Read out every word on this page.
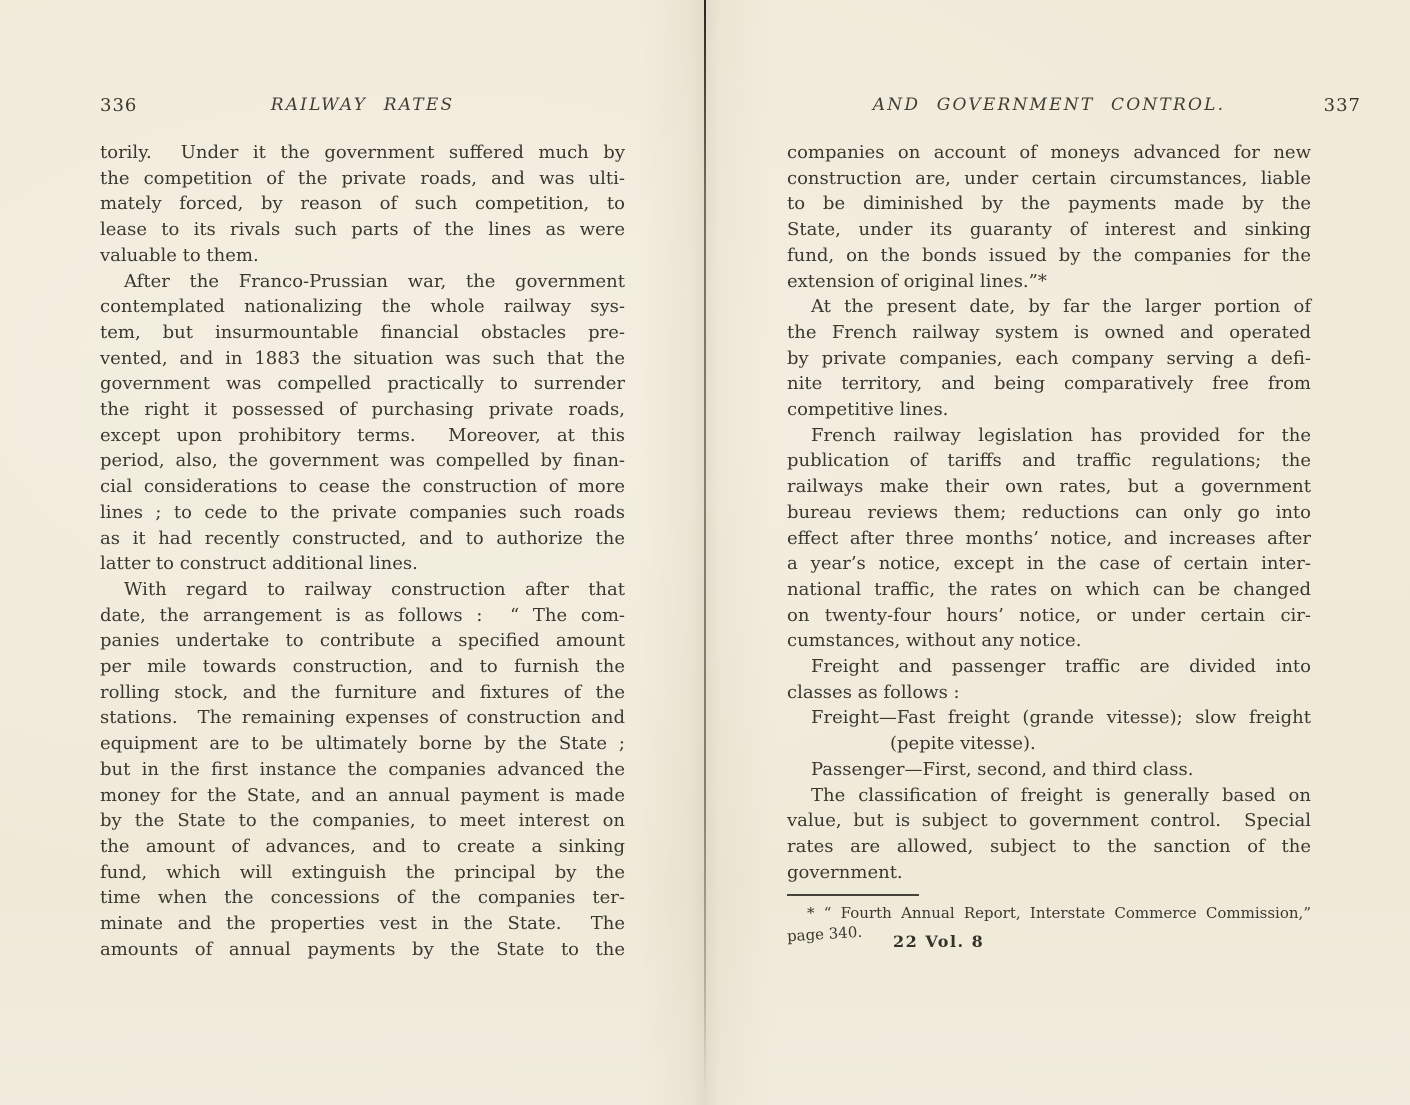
336	RAILWAY RATES
torily.  Under it the government suffered much by
the competition of the private roads, and was ulti-
mately forced, by reason of such competition, to
lease to its rivals such parts of the lines as were
valuable to them.
After the Franco-Prussian war, the government
contemplated nationalizing the whole railway sys-
tem, but insurmountable financial obstacles pre-
vented, and in 1883 the situation was such that the
government was compelled practically to surrender
the right it possessed of purchasing private roads,
except upon prohibitory terms.  Moreover, at this
period, also, the government was compelled by finan-
cial considerations to cease the construction of more
lines ; to cede to the private companies such roads
as it had recently constructed, and to authorize the
latter to construct additional lines.
With regard to railway construction after that
date, the arrangement is as follows :  “ The com-
panies undertake to contribute a specified amount
per mile towards construction, and to furnish the
rolling stock, and the furniture and fixtures of the
stations.  The remaining expenses of construction and
equipment are to be ultimately borne by the State ;
but in the first instance the companies advanced the
money for the State, and an annual payment is made
by the State to the companies, to meet interest on
the amount of advances, and to create a sinking
fund, which will extinguish the principal by the
time when the concessions of the companies ter-
minate and the properties vest in the State.  The
amounts of annual payments by the State to the
AND GOVERNMENT CONTROL.	337
companies on account of moneys advanced for new
construction are, under certain circumstances, liable
to be diminished by the payments made by the
State, under its guaranty of interest and sinking
fund, on the bonds issued by the companies for the
extension of original lines.”*
At the present date, by far the larger portion of
the French railway system is owned and operated
by private companies, each company serving a defi-
nite territory, and being comparatively free from
competitive lines.
French railway legislation has provided for the
publication of tariffs and traffic regulations; the
railways make their own rates, but a government
bureau reviews them; reductions can only go into
effect after three months’ notice, and increases after
a year’s notice, except in the case of certain inter-
national traffic, the rates on which can be changed
on twenty-four hours’ notice, or under certain cir-
cumstances, without any notice.
Freight and passenger traffic are divided into
classes as follows :
Freight—Fast freight (grande vitesse); slow freight
(pepite vitesse).
Passenger—First, second, and third class.
The classification of freight is generally based on
value, but is subject to government control.  Special
rates are allowed, subject to the sanction of the
government.
* “ Fourth Annual Report, Interstate Commerce Commission,”
page 340. 22 Vol. 8
